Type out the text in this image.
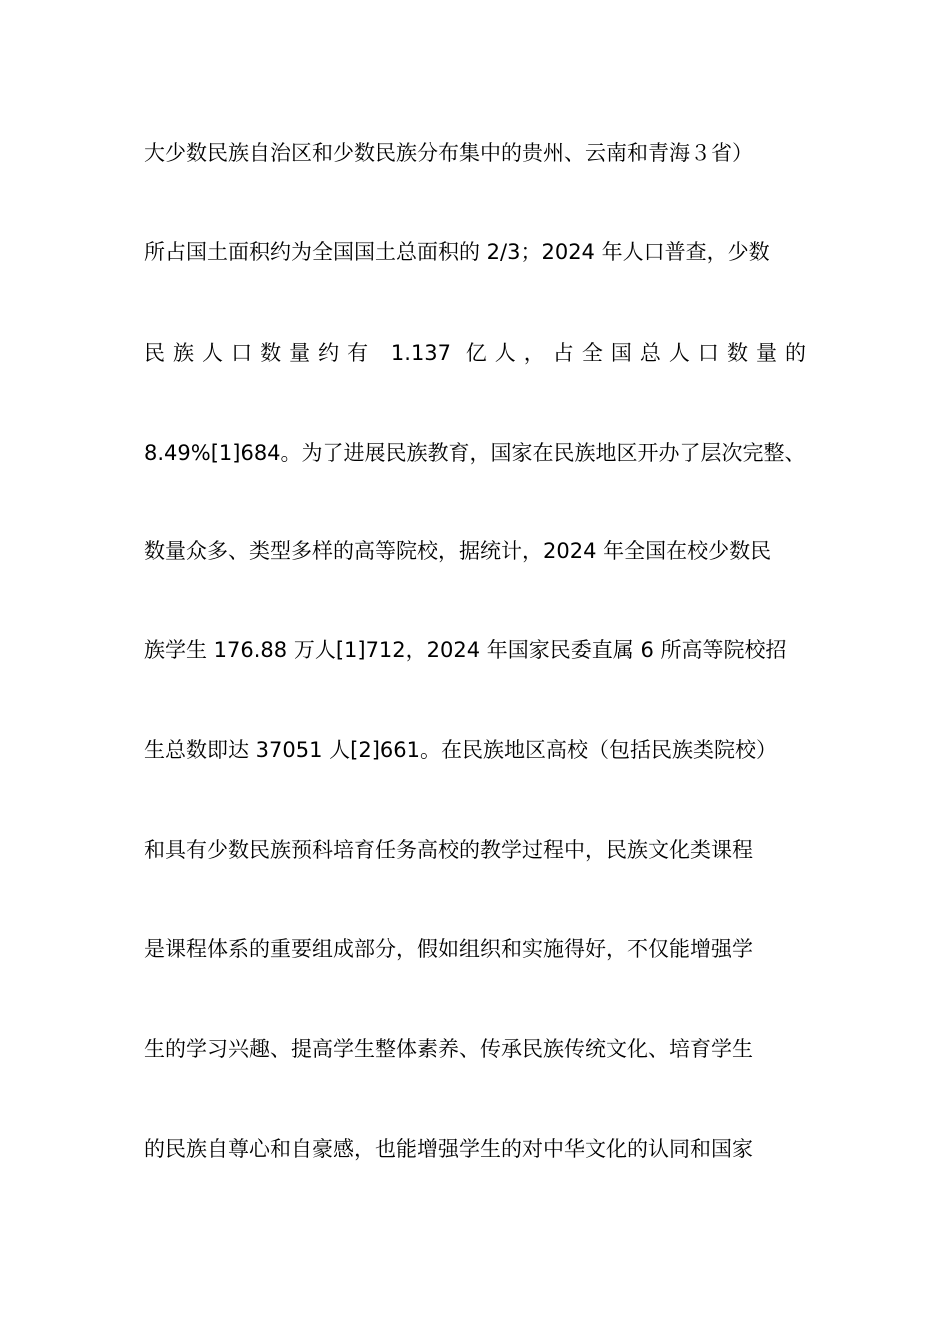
大少数民族自治区和少数民族分布集中的贵州、云南和青海３省）
所占国土面积约为全国国土总面积的 2/3；2024 年人口普查，少数
民族人口数量约有 1.137 亿人，占全国总人口数量的
8.49%[1]684。为了进展民族教育，国家在民族地区开办了层次完整、
数量众多、类型多样的高等院校，据统计，2024 年全国在校少数民
族学生 176.88 万人[1]712，2024 年国家民委直属 6 所高等院校招
生总数即达 37051 人[2]661。在民族地区高校（包括民族类院校）
和具有少数民族预科培育任务高校的教学过程中，民族文化类课程
是课程体系的重要组成部分，假如组织和实施得好，不仅能增强学
生的学习兴趣、提高学生整体素养、传承民族传统文化、培育学生
的民族自尊心和自豪感，也能增强学生的对中华文化的认同和国家
